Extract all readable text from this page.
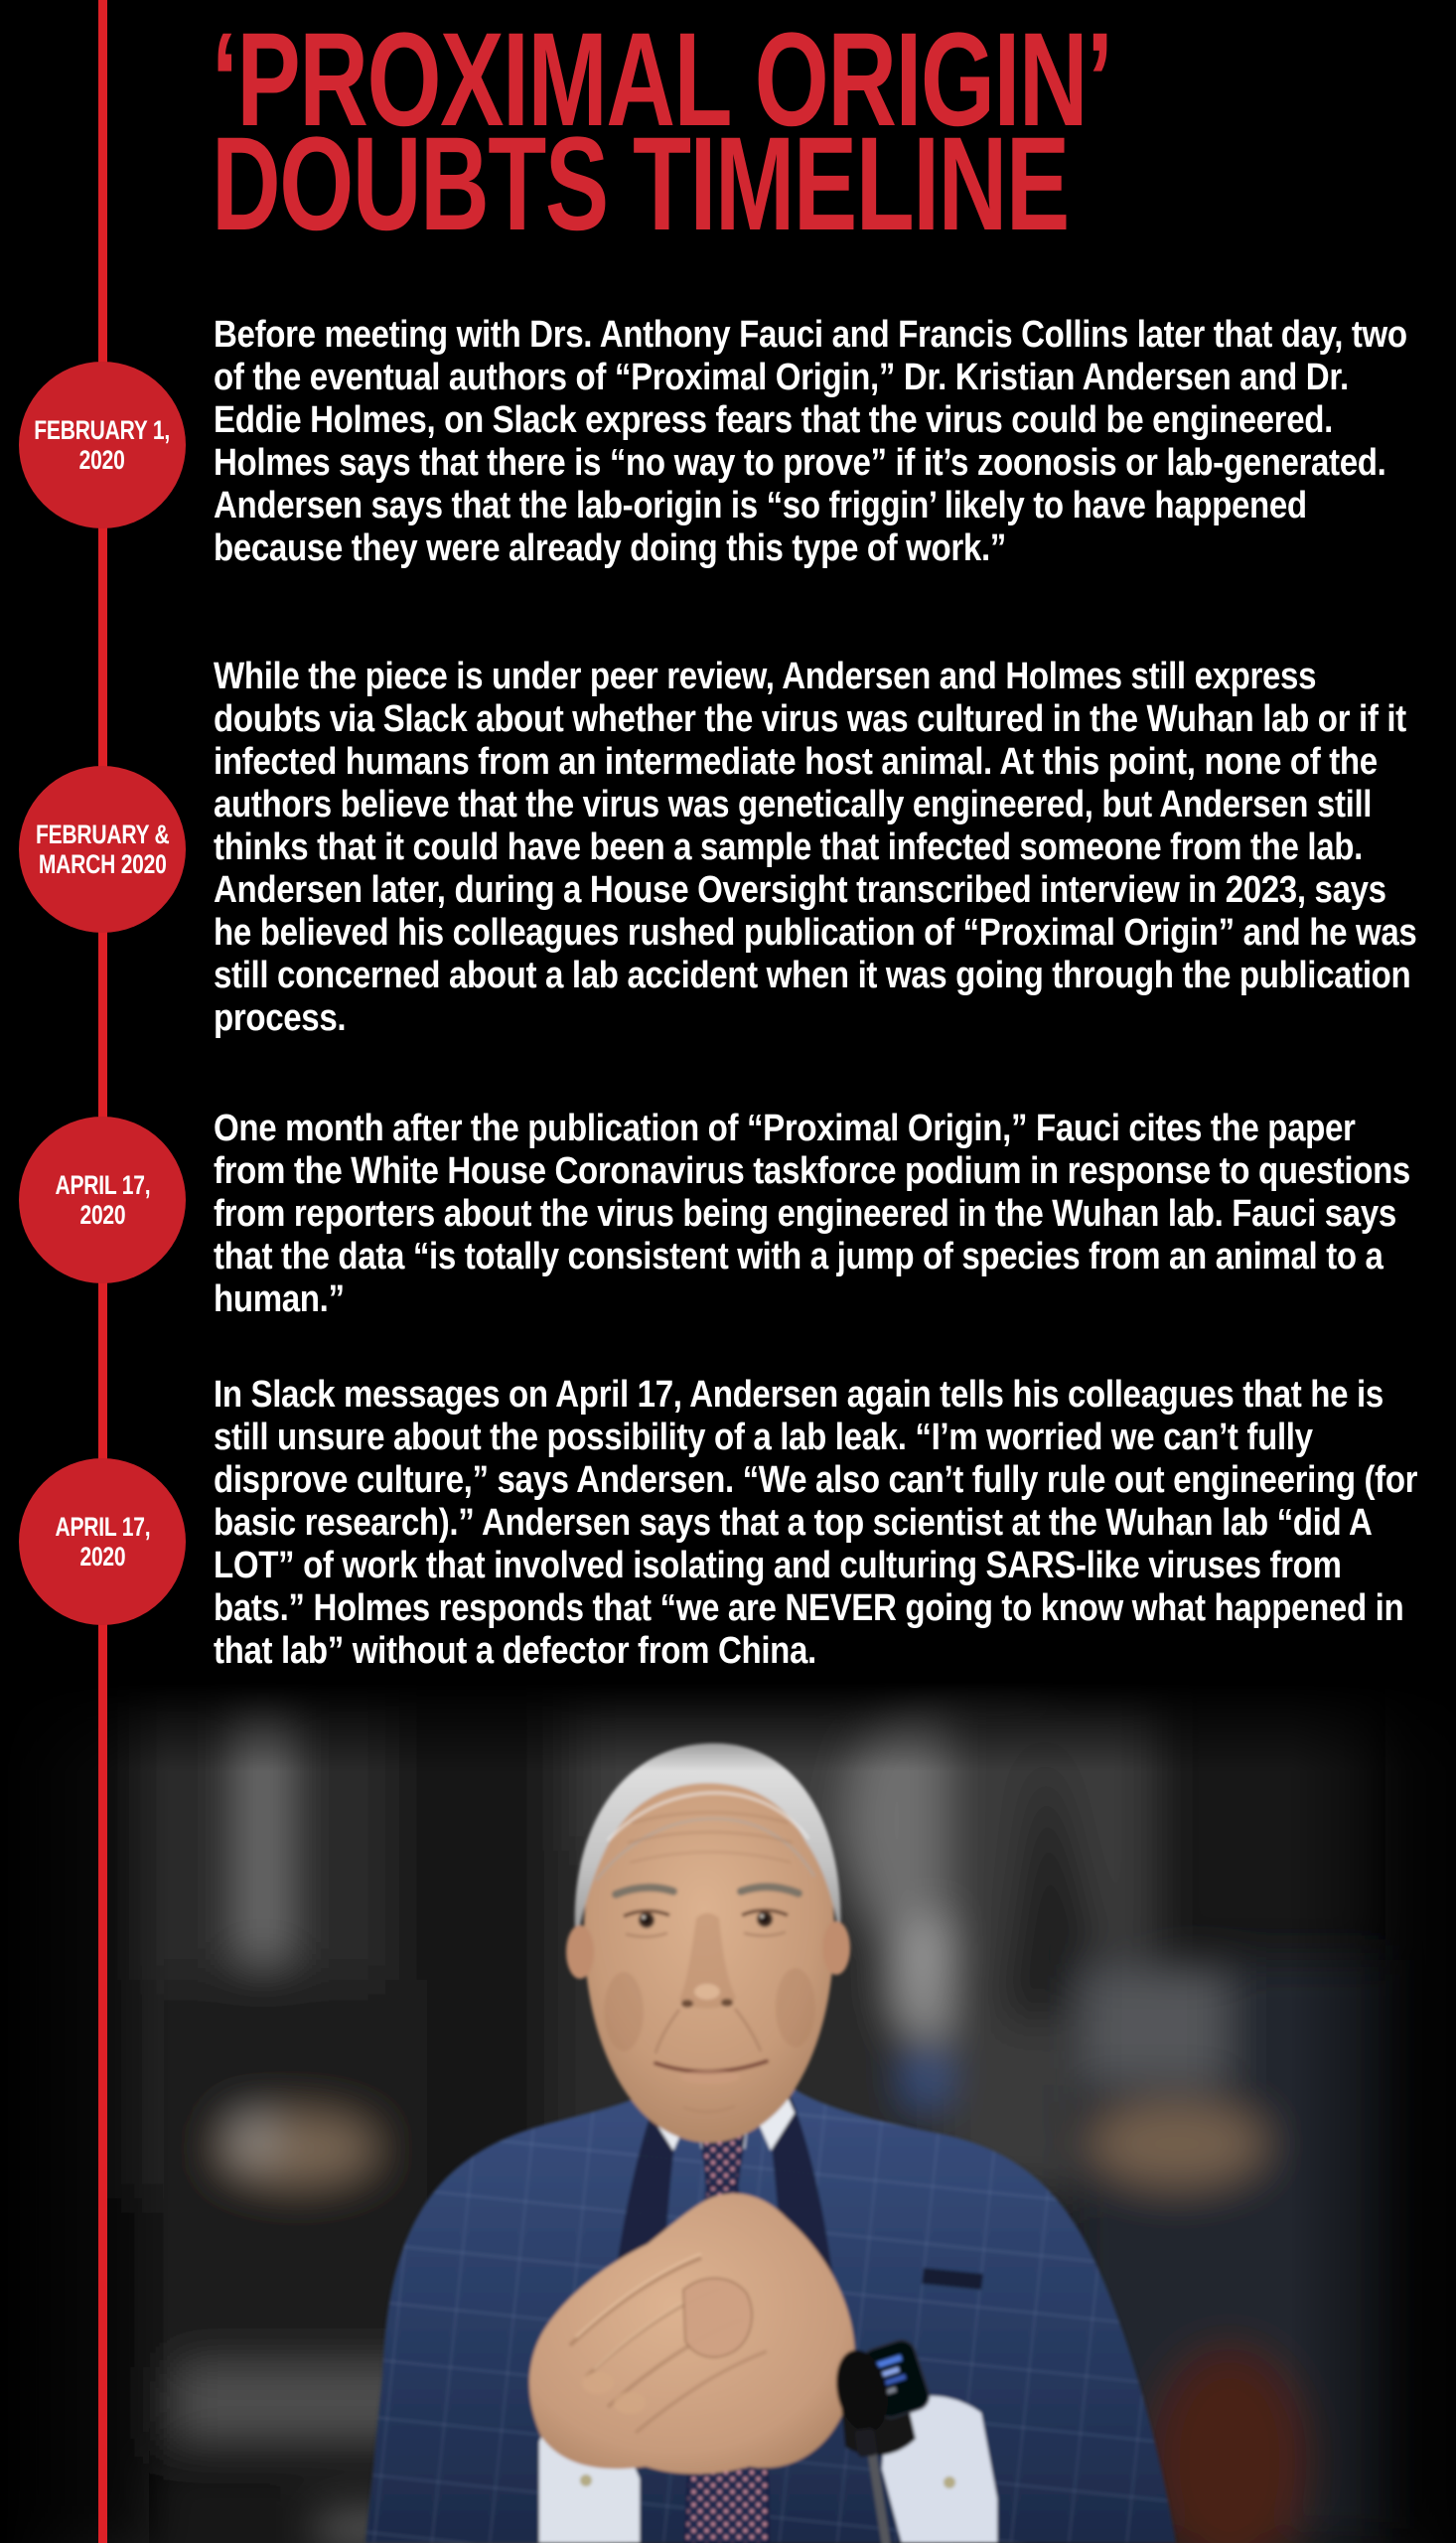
‘PROXIMAL ORIGIN’
DOUBTS TIMELINE
FEBRUARY 1,
2020

Before meeting with Drs. Anthony Fauci and Francis Collins later that day, two of the eventual authors of “Proximal Origin,” Dr. Kristian Andersen and Dr. Eddie Holmes, on Slack express fears that the virus could be engineered. Holmes says that there is “no way to prove” if it’s zoonosis or lab-generated. Andersen says that the lab-origin is “so friggin’ likely to have happened because they were already doing this type of work.”

FEBRUARY &
MARCH 2020

While the piece is under peer review, Andersen and Holmes still express doubts via Slack about whether the virus was cultured in the Wuhan lab or if it infected humans from an intermediate host animal. At this point, none of the authors believe that the virus was genetically engineered, but Andersen still thinks that it could have been a sample that infected someone from the lab. Andersen later, during a House Oversight transcribed interview in 2023, says he believed his colleagues rushed publication of “Proximal Origin” and he was still concerned about a lab accident when it was going through the publication process.

APRIL 17,
2020

One month after the publication of “Proximal Origin,” Fauci cites the paper from the White House Coronavirus taskforce podium in response to questions from reporters about the virus being engineered in the Wuhan lab. Fauci says that the data “is totally consistent with a jump of species from an animal to a human.”

APRIL 17,
2020

In Slack messages on April 17, Andersen again tells his colleagues that he is still unsure about the possibility of a lab leak. “I’m worried we can’t fully disprove culture,” says Andersen. “We also can’t fully rule out engineering (for basic research).” Andersen says that a top scientist at the Wuhan lab “did A LOT” of work that involved isolating and culturing SARS-like viruses from bats.” Holmes responds that “we are NEVER going to know what happened in that lab” without a defector from China.
